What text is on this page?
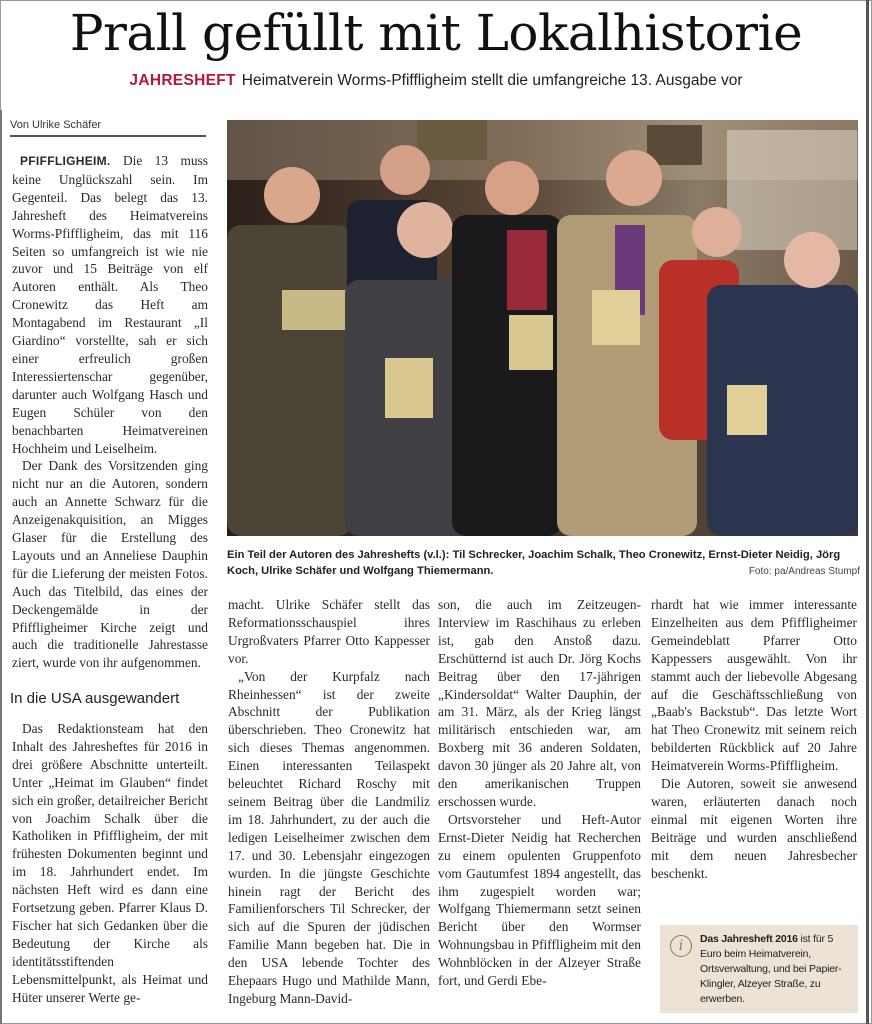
Prall gefüllt mit Lokalhistorie
JAHRESHEFT Heimatverein Worms-Pfiffligheim stellt die umfangreiche 13. Ausgabe vor
Von Ulrike Schäfer

PFIFFLIGHEIM. Die 13 muss keine Unglückszahl sein. Im Gegenteil. Das belegt das 13. Jahresheft des Heimatvereins Worms-Pfiffligheim, das mit 116 Seiten so umfangreich ist wie nie zuvor und 15 Beiträge von elf Autoren enthält. Als Theo Cronewitz das Heft am Montagabend im Restaurant „Il Giardino“ vorstellte, sah er sich einer erfreulich großen Interessiertenschar gegenüber, darunter auch Wolfgang Hasch und Eugen Schüler von den benachbarten Heimatvereinen Hochheim und Leiselheim.

Der Dank des Vorsitzenden ging nicht nur an die Autoren, sondern auch an Annette Schwarz für die Anzeigenakquisition, an Migges Glaser für die Erstellung des Layouts und an Anneliese Dauphin für die Lieferung der meisten Fotos. Auch das Titelbild, das eines der Deckengemälde in der Pfiffligheimer Kirche zeigt und auch die traditionelle Jahrestasse ziert, wurde von ihr aufgenommen.

In die USA ausgewandert

Das Redaktionsteam hat den Inhalt des Jahresheftes für 2016 in drei größere Abschnitte unterteilt. Unter „Heimat im Glauben“ findet sich ein großer, detailreicher Bericht von Joachim Schalk über die Katholiken in Pfiffligheim, der mit frühesten Dokumenten beginnt und im 18. Jahrhundert endet. Im nächsten Heft wird es dann eine Fortsetzung geben. Pfarrer Klaus D. Fischer hat sich Gedanken über die Bedeutung der Kirche als identitätsstiftenden Lebensmittelpunkt, als Heimat und Hüter unserer Werte ge-

Ein Teil der Autoren des Jahreshefts (v.l.): Til Schrecker, Joachim Schalk, Theo Cronewitz, Ernst-Dieter Neidig, Jörg Koch, Ulrike Schäfer und Wolfgang Thiemermann.	Foto: pa/Andreas Stumpf

macht. Ulrike Schäfer stellt das Reformationsschauspiel ihres Urgroßvaters Pfarrer Otto Kappesser vor.

„Von der Kurpfalz nach Rheinhessen“ ist der zweite Abschnitt der Publikation überschrieben. Theo Cronewitz hat sich dieses Themas angenommen. Einen interessanten Teilaspekt beleuchtet Richard Roschy mit seinem Beitrag über die Landmiliz im 18. Jahrhundert, zu der auch die ledigen Leiselheimer zwischen dem 17. und 30. Lebensjahr eingezogen wurden. In die jüngste Geschichte hinein ragt der Bericht des Familienforschers Til Schrecker, der sich auf die Spuren der jüdischen Familie Mann begeben hat. Die in den USA lebende Tochter des Ehepaars Hugo und Mathilde Mann, Ingeburg Mann-David-

son, die auch im Zeitzeugen-Interview im Raschihaus zu erleben ist, gab den Anstoß dazu. Erschütternd ist auch Dr. Jörg Kochs Beitrag über den 17-jährigen „Kindersoldat“ Walter Dauphin, der am 31. März, als der Krieg längst militärisch entschieden war, am Boxberg mit 36 anderen Soldaten, davon 30 jünger als 20 Jahre alt, von den amerikanischen Truppen erschossen wurde.

Ortsvorsteher und Heft-Autor Ernst-Dieter Neidig hat Recherchen zu einem opulenten Gruppenfoto vom Gautumfest 1894 angestellt, das ihm zugespielt worden war; Wolfgang Thiemermann setzt seinen Bericht über den Wormser Wohnungsbau in Pfiffligheim mit den Wohnblöcken in der Alzeyer Straße fort, und Gerdi Ebe-

rhardt hat wie immer interessante Einzelheiten aus dem Pfiffligheimer Gemeindeblatt Pfarrer Otto Kappessers ausgewählt. Von ihr stammt auch der liebevolle Abgesang auf die Geschäftsschließung von „Baab's Backstub“. Das letzte Wort hat Theo Cronewitz mit seinem reich bebilderten Rückblick auf 20 Jahre Heimatverein Worms-Pfiffligheim.

Die Autoren, soweit sie anwesend waren, erläuterten danach noch einmal mit eigenen Worten ihre Beiträge und wurden anschließend mit dem neuen Jahresbecher beschenkt.

i	Das Jahresheft 2016 ist für 5 Euro beim Heimatverein, Ortsverwaltung, und bei Papier-Klingler, Alzeyer Straße, zu erwerben.
